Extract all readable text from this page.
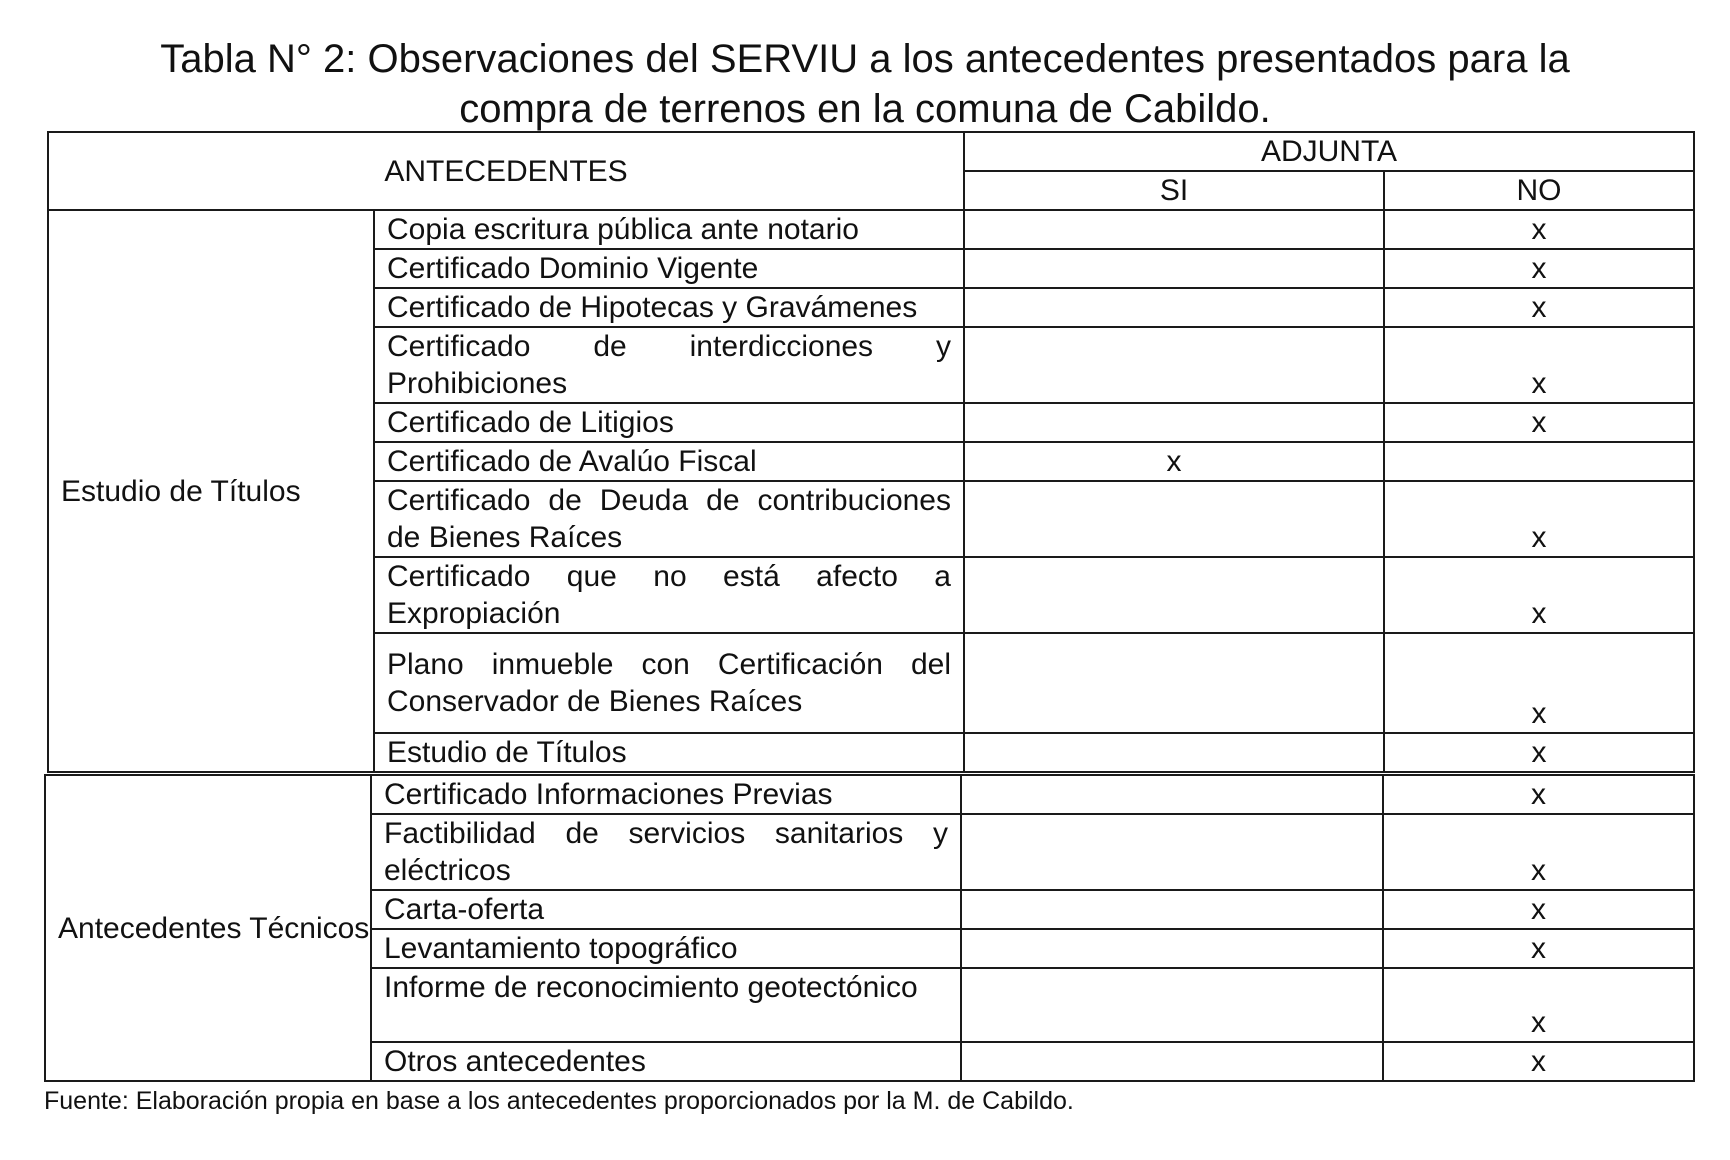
Tabla N° 2: Observaciones del SERVIU a los antecedentes presentados para la
compra de terrenos en la comuna de Cabildo.
ANTECEDENTES		ADJUNTA	
		SI	NO
Estudio de Títulos	Copia escritura pública ante notario		x
	Certificado Dominio Vigente		x
	Certificado de Hipotecas y Gravámenes		x
	Certificado de interdicciones y Prohibiciones		x
	Certificado de Litigios		x
	Certificado de Avalúo Fiscal	x	
	Certificado de Deuda de contribuciones de Bienes Raíces		x
	Certificado que no está afecto a Expropiación		x
	Plano inmueble con Certificación del Conservador de Bienes Raíces		x
	Estudio de Títulos		x
Antecedentes Técnicos	Certificado Informaciones Previas		x
	Factibilidad de servicios sanitarios y eléctricos		x
	Carta-oferta		x
	Levantamiento topográfico		x
	Informe de reconocimiento geotectónico		x
	Otros antecedentes		x
Fuente: Elaboración propia en base a los antecedentes proporcionados por la M. de Cabildo.
